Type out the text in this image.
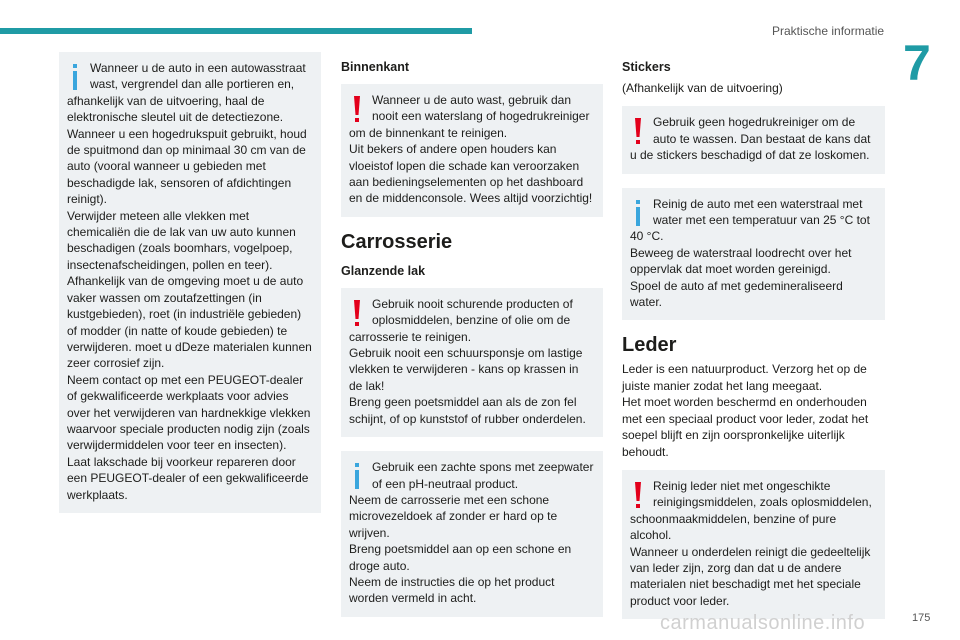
Praktische informatie
7
Wanneer u de auto in een autowasstraat wast, vergrendel dan alle portieren en,
afhankelijk van de uitvoering, haal de elektronische sleutel uit de detectiezone.
Wanneer u een hogedrukspuit gebruikt, houd de spuitmond dan op minimaal 30 cm van de auto (vooral wanneer u gebieden met beschadigde lak, sensoren of afdichtingen reinigt).
Verwijder meteen alle vlekken met chemicaliën die de lak van uw auto kunnen beschadigen (zoals boomhars, vogelpoep, insectenafscheidingen, pollen en teer).
Afhankelijk van de omgeving moet u de auto vaker wassen om zoutafzettingen (in kustgebieden), roet (in industriële gebieden) of modder (in natte of koude gebieden) te verwijderen. moet u dDeze materialen kunnen zeer corrosief zijn.
Neem contact op met een PEUGEOT-dealer of gekwalificeerde werkplaats voor advies over het verwijderen van hardnekkige vlekken waarvoor speciale producten nodig zijn (zoals verwijdermiddelen voor teer en insecten).
Laat lakschade bij voorkeur repareren door een PEUGEOT-dealer of een gekwalificeerde werkplaats.
Binnenkant
Wanneer u de auto wast, gebruik dan nooit een waterslang of hogedrukreiniger
om de binnenkant te reinigen.
Uit bekers of andere open houders kan vloeistof lopen die schade kan veroorzaken aan bedieningselementen op het dashboard en de middenconsole. Wees altijd voorzichtig!
Carrosserie
Glanzende lak
Gebruik nooit schurende producten of oplosmiddelen, benzine of olie om de
carrosserie te reinigen.
Gebruik nooit een schuursponsje om lastige vlekken te verwijderen - kans op krassen in de lak!
Breng geen poetsmiddel aan als de zon fel schijnt, of op kunststof of rubber onderdelen.
Gebruik een zachte spons met zeepwater of een pH-neutraal product.
Neem de carrosserie met een schone microvezeldoek af zonder er hard op te wrijven.
Breng poetsmiddel aan op een schone en droge auto.
Neem de instructies die op het product worden vermeld in acht.
Stickers
(Afhankelijk van de uitvoering)
Gebruik geen hogedrukreiniger om de auto te wassen. Dan bestaat de kans dat
u de stickers beschadigd of dat ze loskomen.
Reinig de auto met een waterstraal met water met een temperatuur van 25 °C tot
40 °C.
Beweeg de waterstraal loodrecht over het oppervlak dat moet worden gereinigd.
Spoel de auto af met gedemineraliseerd water.
Leder
Leder is een natuurproduct. Verzorg het op de juiste manier zodat het lang meegaat.
Het moet worden beschermd en onderhouden met een speciaal product voor leder, zodat het soepel blijft en zijn oorspronkelijke uiterlijk behoudt.
Reinig leder niet met ongeschikte reinigingsmiddelen, zoals oplosmiddelen,
schoonmaakmiddelen, benzine of pure alcohol.
Wanneer u onderdelen reinigt die gedeeltelijk van leder zijn, zorg dan dat u de andere materialen niet beschadigt met het speciale product voor leder.
carmanualsonline.info	175
